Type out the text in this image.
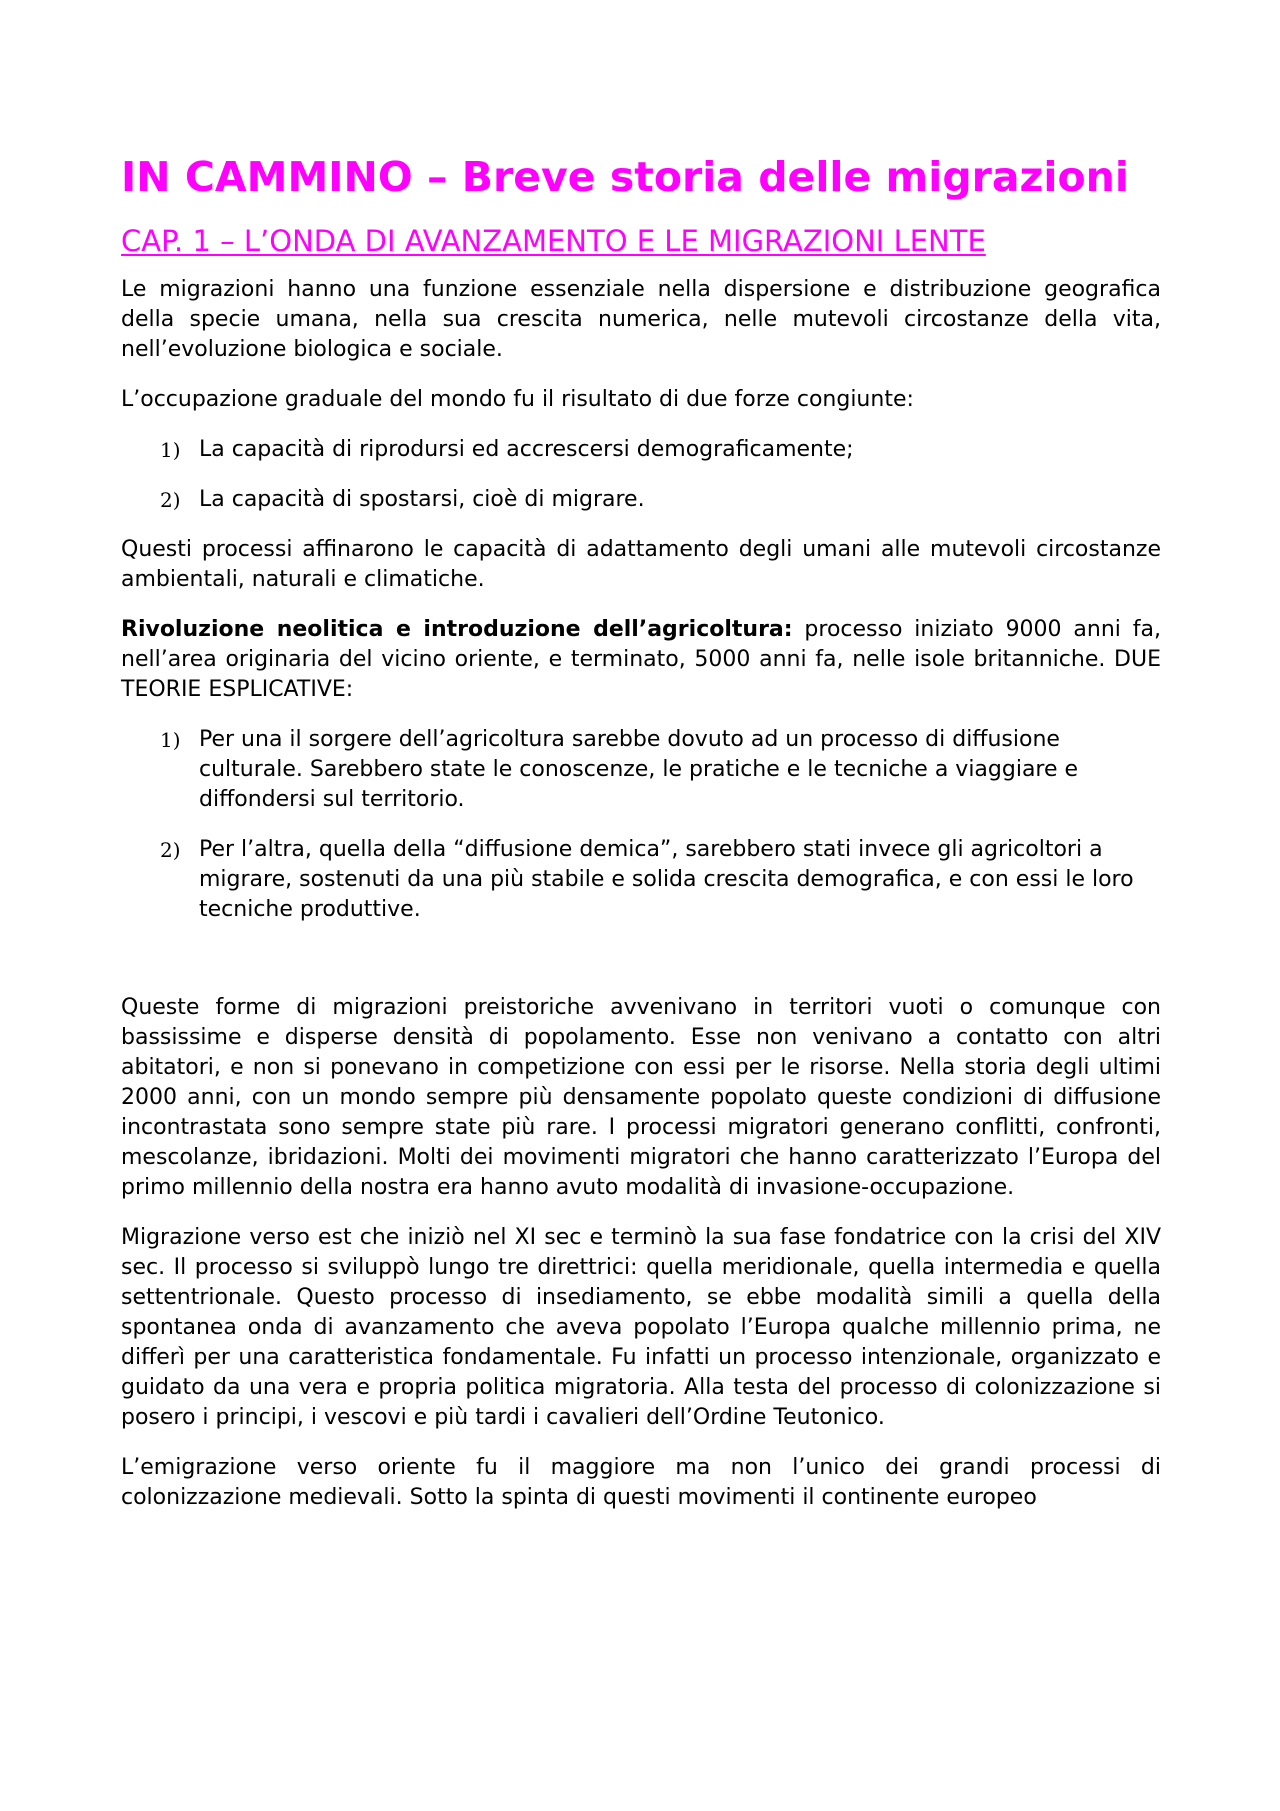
IN CAMMINO – Breve storia delle migrazioni
CAP. 1 – L’ONDA DI AVANZAMENTO E LE MIGRAZIONI LENTE

Le migrazioni hanno una funzione essenziale nella dispersione e distribuzione geografica della specie umana, nella sua crescita numerica, nelle mutevoli circostanze della vita, nell’evoluzione biologica e sociale.

L’occupazione graduale del mondo fu il risultato di due forze congiunte:

1) La capacità di riprodursi ed accrescersi demograficamente;
2) La capacità di spostarsi, cioè di migrare.

Questi processi affinarono le capacità di adattamento degli umani alle mutevoli circostanze ambientali, naturali e climatiche.

Rivoluzione neolitica e introduzione dell’agricoltura: processo iniziato 9000 anni fa, nell’area originaria del vicino oriente, e terminato, 5000 anni fa, nelle isole britanniche. DUE TEORIE ESPLICATIVE:

1) Per una il sorgere dell’agricoltura sarebbe dovuto ad un processo di diffusione culturale. Sarebbero state le conoscenze, le pratiche e le tecniche a viaggiare e diffondersi sul territorio.
2) Per l’altra, quella della “diffusione demica”, sarebbero stati invece gli agricoltori a migrare, sostenuti da una più stabile e solida crescita demografica, e con essi le loro tecniche produttive.

Queste forme di migrazioni preistoriche avvenivano in territori vuoti o comunque con bassissime e disperse densità di popolamento. Esse non venivano a contatto con altri abitatori, e non si ponevano in competizione con essi per le risorse. Nella storia degli ultimi 2000 anni, con un mondo sempre più densamente popolato queste condizioni di diffusione incontrastata sono sempre state più rare. I processi migratori generano conflitti, confronti, mescolanze, ibridazioni. Molti dei movimenti migratori che hanno caratterizzato l’Europa del primo millennio della nostra era hanno avuto modalità di invasione-occupazione.

Migrazione verso est che iniziò nel XI sec e terminò la sua fase fondatrice con la crisi del XIV sec. Il processo si sviluppò lungo tre direttrici: quella meridionale, quella intermedia e quella settentrionale. Questo processo di insediamento, se ebbe modalità simili a quella della spontanea onda di avanzamento che aveva popolato l’Europa qualche millennio prima, ne differì per una caratteristica fondamentale. Fu infatti un processo intenzionale, organizzato e guidato da una vera e propria politica migratoria. Alla testa del processo di colonizzazione si posero i principi, i vescovi e più tardi i cavalieri dell’Ordine Teutonico.

L’emigrazione verso oriente fu il maggiore ma non l’unico dei grandi processi di colonizzazione medievali. Sotto la spinta di questi movimenti il continente europeo
